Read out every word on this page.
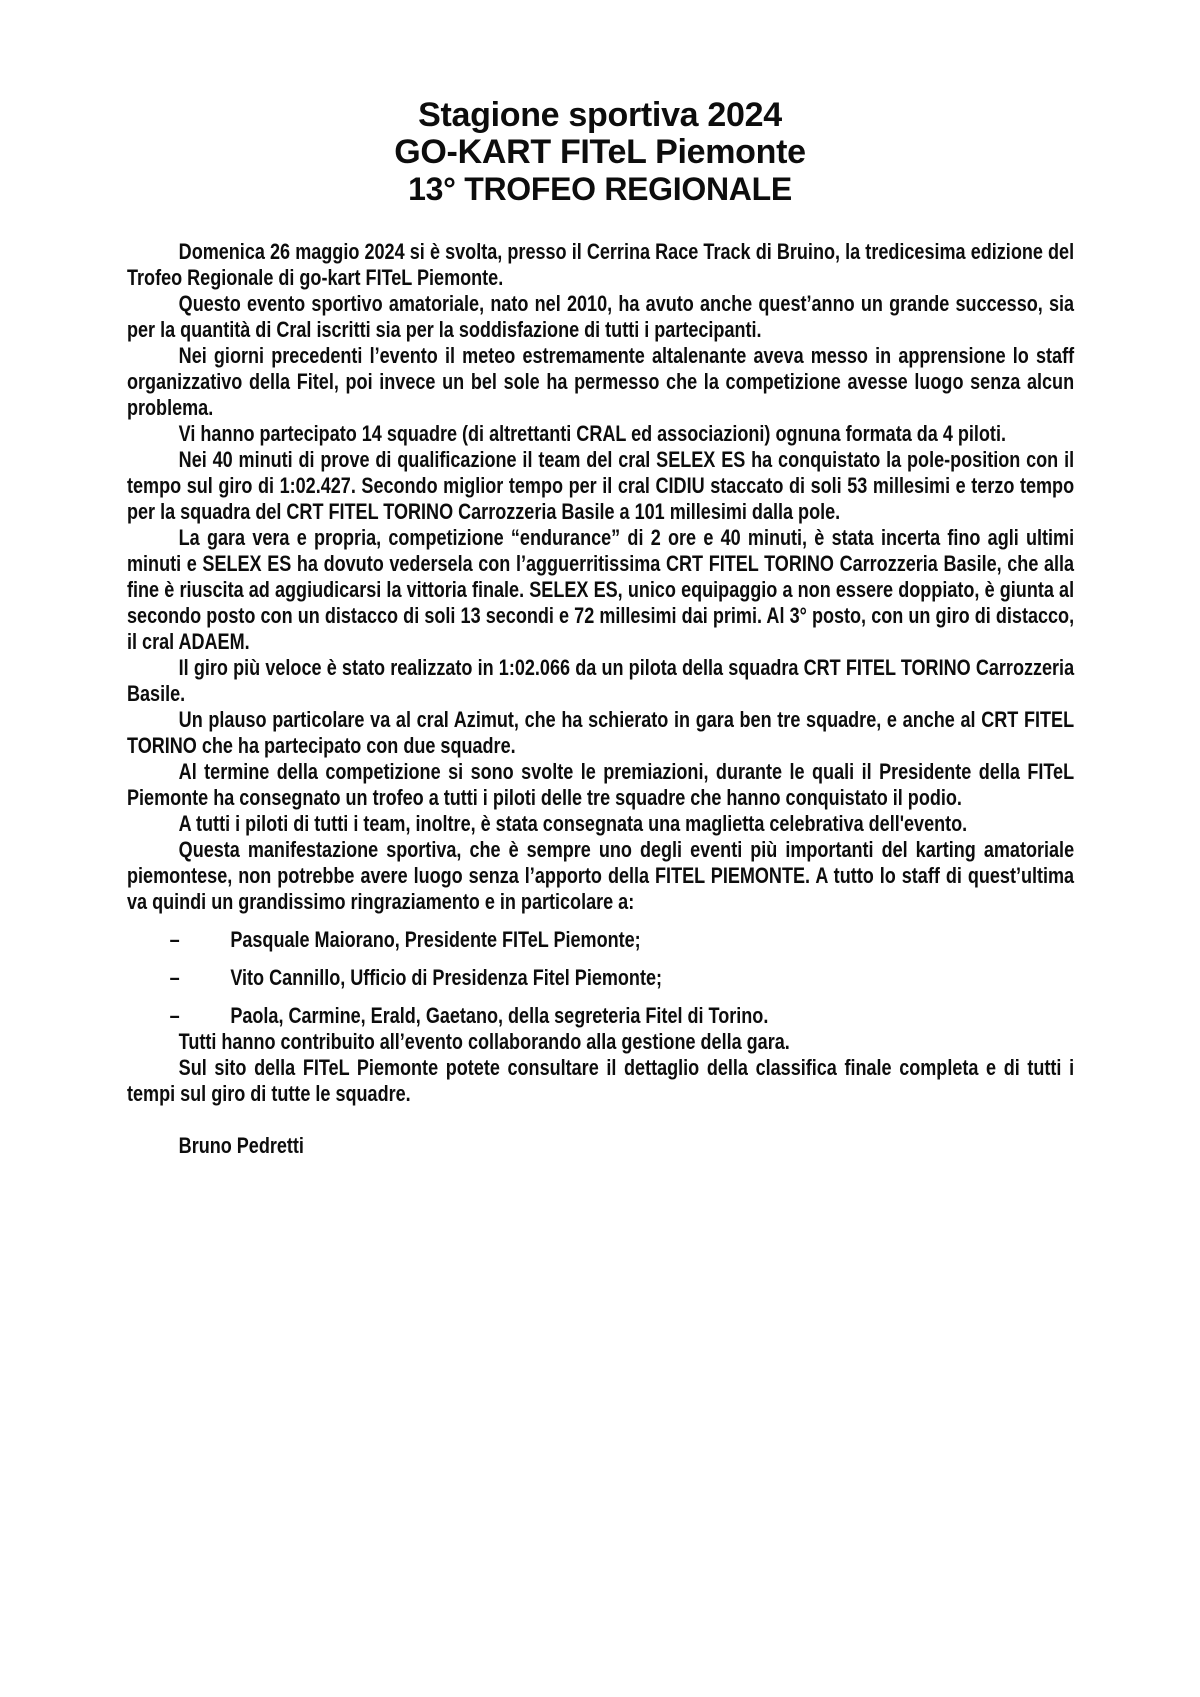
Stagione sportiva 2024
GO-KART FITeL Piemonte
13° TROFEO REGIONALE

Domenica 26 maggio 2024 si è svolta, presso il Cerrina Race Track di Bruino, la tredicesima edizione del Trofeo Regionale di go-kart FITeL Piemonte.

Questo evento sportivo amatoriale, nato nel 2010, ha avuto anche quest’anno un grande successo, sia per la quantità di Cral iscritti sia per la soddisfazione di tutti i partecipanti.

Nei giorni precedenti l’evento il meteo estremamente altalenante aveva messo in apprensione lo staff organizzativo della Fitel, poi invece un bel sole ha permesso che la competizione avesse luogo senza alcun problema.

Vi hanno partecipato 14 squadre (di altrettanti CRAL ed associazioni) ognuna formata da 4 piloti.

Nei 40 minuti di prove di qualificazione il team del cral SELEX ES ha conquistato la pole-position con il tempo sul giro di 1:02.427. Secondo miglior tempo per il cral CIDIU staccato di soli 53 millesimi e terzo tempo per la squadra del CRT FITEL TORINO Carrozzeria Basile a 101 millesimi dalla pole.

La gara vera e propria, competizione “endurance” di 2 ore e 40 minuti, è stata incerta fino agli ultimi minuti e SELEX ES ha dovuto vedersela con l’agguerritissima CRT FITEL TORINO Carrozzeria Basile, che alla fine è riuscita ad aggiudicarsi la vittoria finale. SELEX ES, unico equipaggio a non essere doppiato, è giunta al secondo posto con un distacco di soli 13 secondi e 72 millesimi dai primi. Al 3° posto, con un giro di distacco, il cral ADAEM.

Il giro più veloce è stato realizzato in 1:02.066 da un pilota della squadra CRT FITEL TORINO Carrozzeria Basile.

Un plauso particolare va al cral Azimut, che ha schierato in gara ben tre squadre, e anche al CRT FITEL TORINO che ha partecipato con due squadre.

Al termine della competizione si sono svolte le premiazioni, durante le quali il Presidente della FITeL Piemonte ha consegnato un trofeo a tutti i piloti delle tre squadre che hanno conquistato il podio.

A tutti i piloti di tutti i team, inoltre, è stata consegnata una maglietta celebrativa dell'evento.

Questa manifestazione sportiva, che è sempre uno degli eventi più importanti del karting amatoriale piemontese, non potrebbe avere luogo senza l’apporto della FITEL PIEMONTE. A tutto lo staff di quest’ultima va quindi un grandissimo ringraziamento e in particolare a:

–	Pasquale Maiorano, Presidente FITeL Piemonte;
–	Vito Cannillo, Ufficio di Presidenza Fitel Piemonte;
–	Paola, Carmine, Erald, Gaetano, della segreteria Fitel di Torino.

Tutti hanno contribuito all’evento collaborando alla gestione della gara.

Sul sito della FITeL Piemonte potete consultare il dettaglio della classifica finale completa e di tutti i tempi sul giro di tutte le squadre.

Bruno Pedretti
